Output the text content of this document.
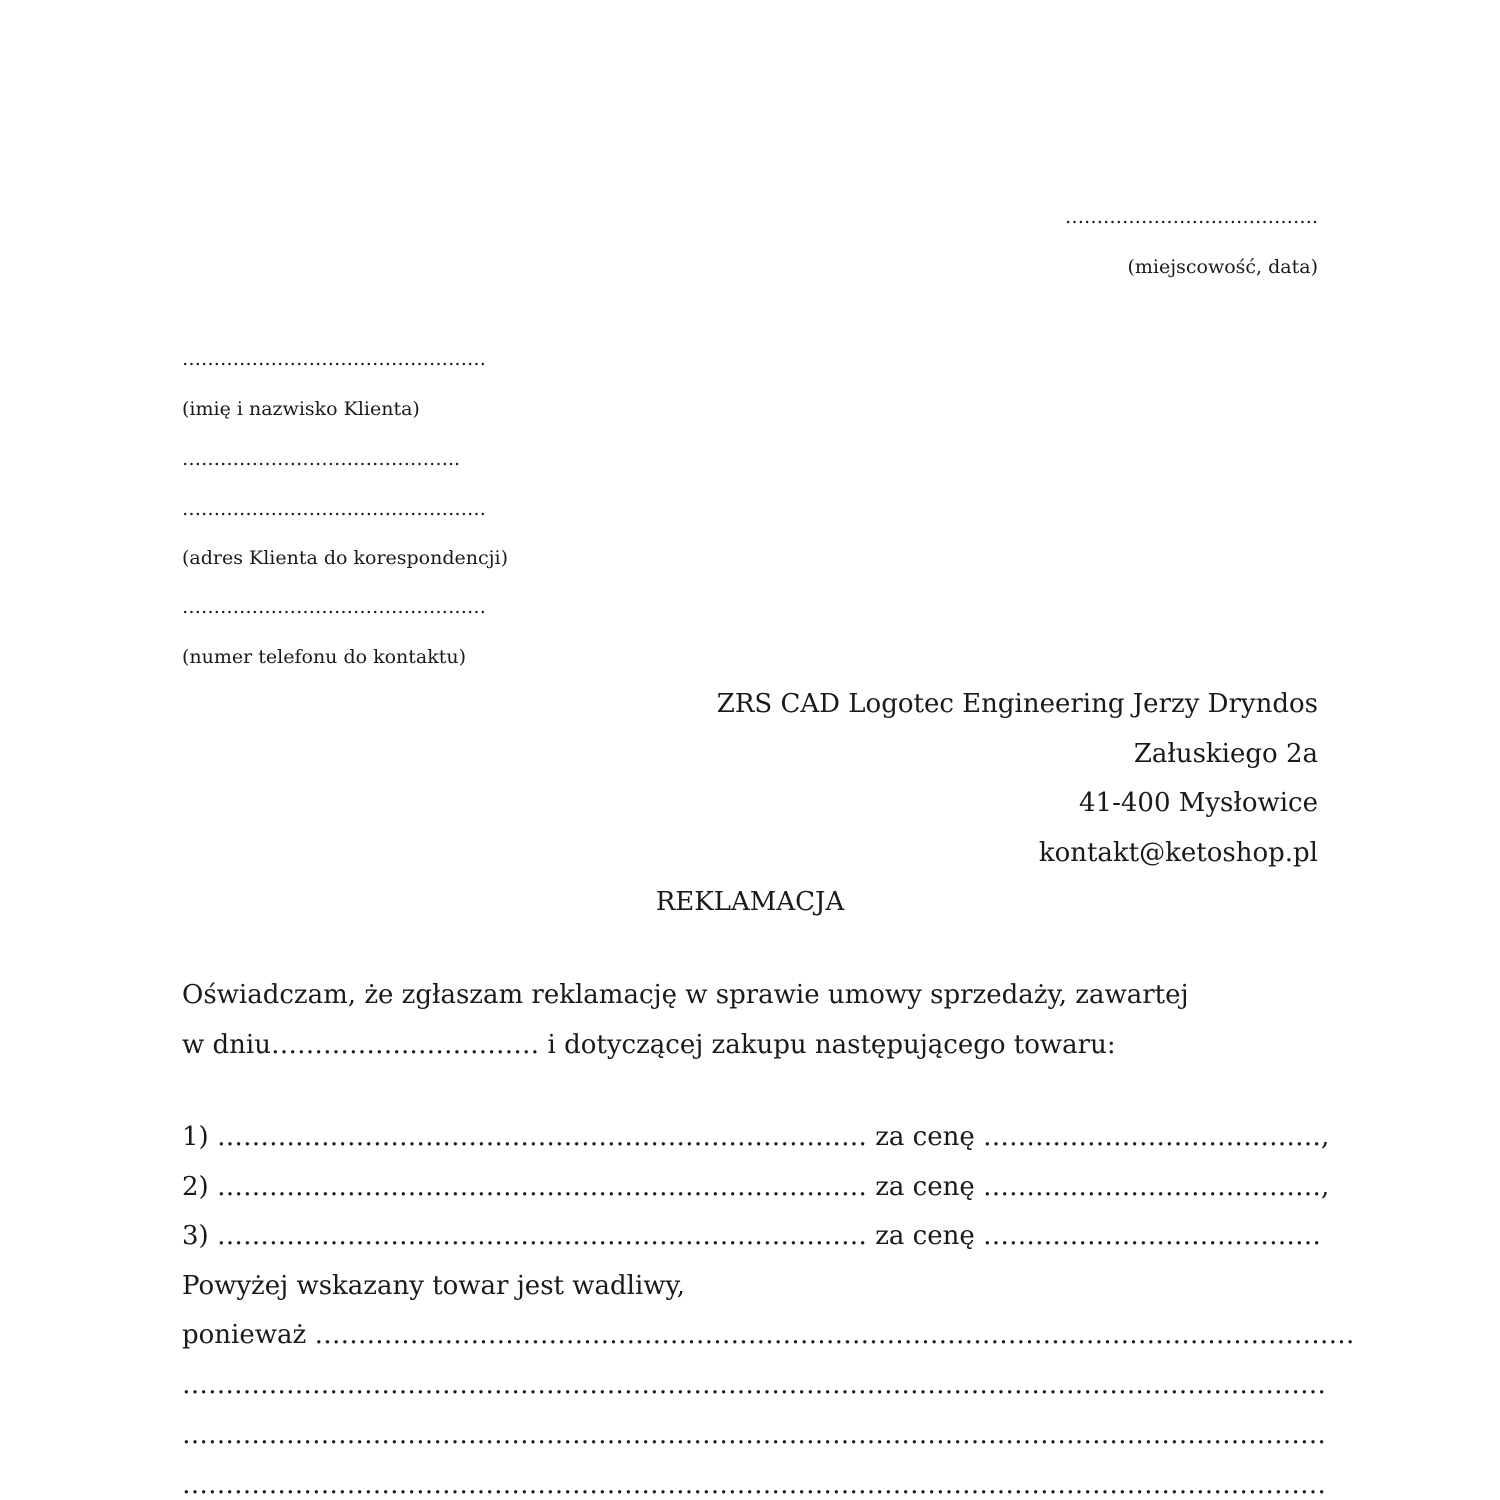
………………………………….
(miejscowość, data)
…………………………………………
(imię i nazwisko Klienta)
……………………………………..
…………………………………………
(adres Klienta do korespondencji)
…………………………………………
(numer telefonu do kontaktu)
ZRS CAD Logotec Engineering Jerzy Dryndos
Załuskiego 2a
41-400 Mysłowice
kontakt@ketoshop.pl
REKLAMACJA
Oświadczam, że zgłaszam reklamację w sprawie umowy sprzedaży, zawartej
w dniu…………….…………… i dotyczącej zakupu następującego towaru:
1) ………………………………………………………………… za cenę …………………………………,
2) ………………………………………………………………… za cenę …………………………………,
3) ………………………………………………………………… za cenę …………………………………
Powyżej wskazany towar jest wadliwy,
ponieważ …………………………………………………………………………………………………………
……………………………………………………………………………………………………………………
……………………………………………………………………………………………………………………
……………………………………………………………………………………………………………………
